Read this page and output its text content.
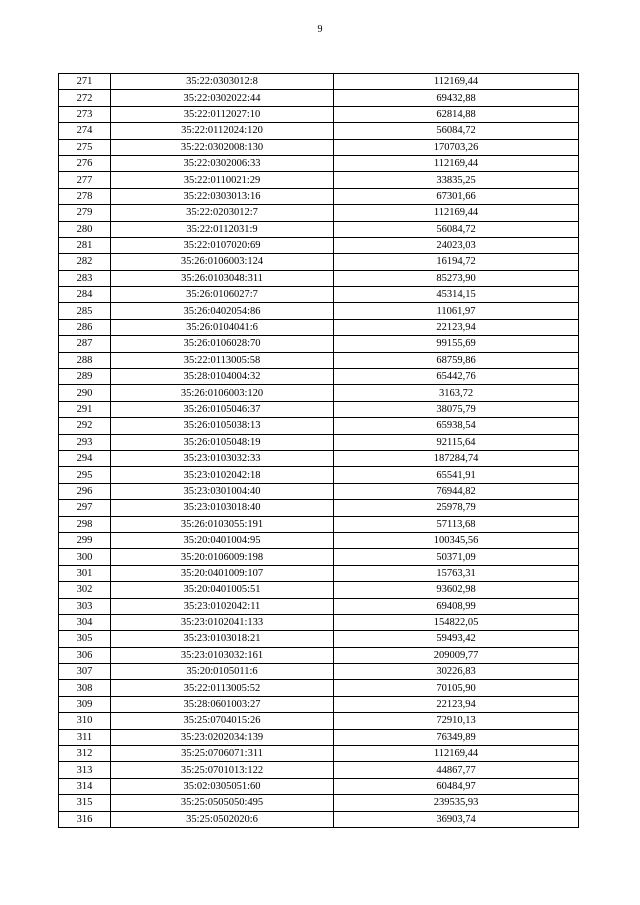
9
271	35:22:0303012:8	112169,44
272	35:22:0302022:44	69432,88
273	35:22:0112027:10	62814,88
274	35:22:0112024:120	56084,72
275	35:22:0302008:130	170703,26
276	35:22:0302006:33	112169,44
277	35:22:0110021:29	33835,25
278	35:22:0303013:16	67301,66
279	35:22:0203012:7	112169,44
280	35:22:0112031:9	56084,72
281	35:22:0107020:69	24023,03
282	35:26:0106003:124	16194,72
283	35:26:0103048:311	85273,90
284	35:26:0106027:7	45314,15
285	35:26:0402054:86	11061,97
286	35:26:0104041:6	22123,94
287	35:26:0106028:70	99155,69
288	35:22:0113005:58	68759,86
289	35:28:0104004:32	65442,76
290	35:26:0106003:120	3163,72
291	35:26:0105046:37	38075,79
292	35:26:0105038:13	65938,54
293	35:26:0105048:19	92115,64
294	35:23:0103032:33	187284,74
295	35:23:0102042:18	65541,91
296	35:23:0301004:40	76944,82
297	35:23:0103018:40	25978,79
298	35:26:0103055:191	57113,68
299	35:20:0401004:95	100345,56
300	35:20:0106009:198	50371,09
301	35:20:0401009:107	15763,31
302	35:20:0401005:51	93602,98
303	35:23:0102042:11	69408,99
304	35:23:0102041:133	154822,05
305	35:23:0103018:21	59493,42
306	35:23:0103032:161	209009,77
307	35:20:0105011:6	30226,83
308	35:22:0113005:52	70105,90
309	35:28:0601003:27	22123,94
310	35:25:0704015:26	72910,13
311	35:23:0202034:139	76349,89
312	35:25:0706071:311	112169,44
313	35:25:0701013:122	44867,77
314	35:02:0305051:60	60484,97
315	35:25:0505050:495	239535,93
316	35:25:0502020:6	36903,74
